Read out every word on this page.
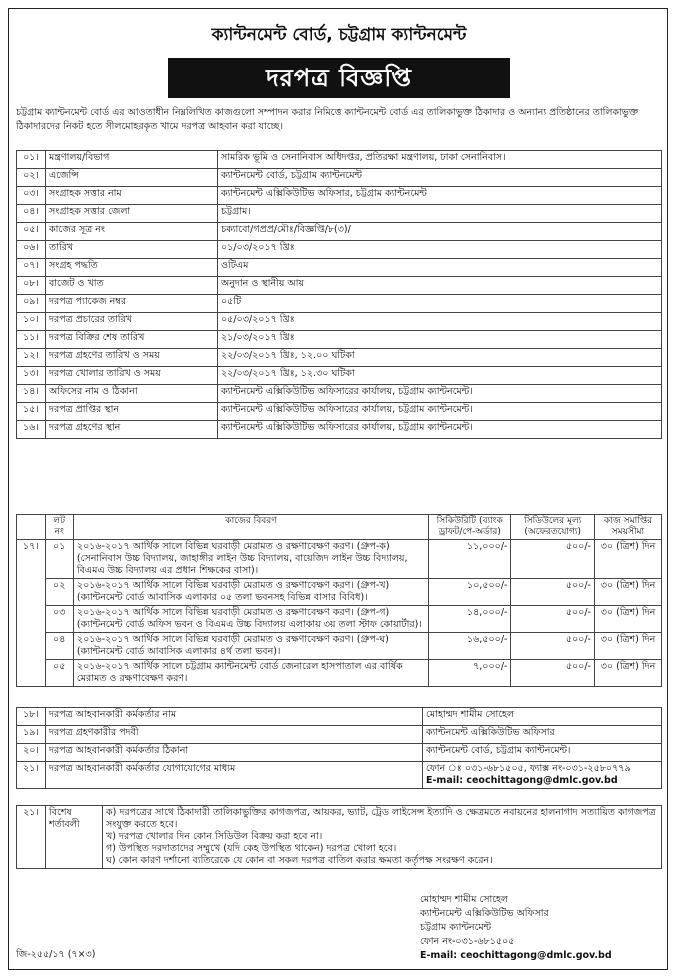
ক্যান্টনমেন্ট বোর্ড, চট্টগ্রাম ক্যান্টনমেন্ট
দরপত্র বিজ্ঞপ্তি
চট্টগ্রাম ক্যান্টনমেন্ট বোর্ড এর আওতাধীন নিম্নলিখিত কাজগুলো সম্পাদন করার নিমিত্তে ক্যান্টনমেন্ট বোর্ড এর তালিকাভুক্ত ঠিকাদার ও অন্যান্য প্রতিষ্ঠানের তালিকাভুক্ত ঠিকাদারদের নিকট হতে সীলমোহরকৃত খামে দরপত্র আহবান করা যাচ্ছে।
০১।	মন্ত্রণালয়/বিভাগ	সামরিক ভূমি ও সেনানিবাস অধিদপ্তর, প্রতিরক্ষা মন্ত্রণালয়, ঢাকা সেনানিবাস।
০২।	এজেন্সি	ক্যান্টনমেন্ট বোর্ড, চট্টগ্রাম ক্যান্টনমেন্ট
০৩।	সংগ্রাহক সত্তার নাম	ক্যান্টনমেন্ট এক্সিকিউটিভ অফিসার, চট্টগ্রাম ক্যান্টনমেন্ট
০৪।	সংগ্রাহক সত্তার জেলা	চট্টগ্রাম।
০৫।	কাজের সূত্র নং	চক্যাবো/গপ্রপ্র/মৌঃ/বিজ্ঞপ্তি/৮(৩)/
০৬।	তারিখ	০১/০৩/২০১৭ খ্রিঃ
০৭।	সংগ্রহ পদ্ধতি	ওটিএম
০৮।	বাজেট ও খাত	অনুদান ও স্থানীয় আয়
০৯।	দরপত্র প্যাকেজ নম্বর	০৫টি
১০।	দরপত্র প্রচারের তারিখ	০৫/০৩/২০১৭ খ্রিঃ
১১।	দরপত্র বিক্রির শেষ তারিখ	২১/০৩/২০১৭ খ্রিঃ
১২।	দরপত্র গ্রহণের তারিখ ও সময়	২২/০৩/২০১৭ খ্রিঃ, ১২.০০ ঘটিকা
১৩।	দরপত্র খোলার তারিখ ও সময়	২২/০৩/২০১৭ খ্রিঃ, ১২.৩০ ঘটিকা
১৪।	অফিসের নাম ও ঠিকানা	ক্যান্টনমেন্ট এক্সিকিউটিভ অফিসারের কার্যালয়, চট্টগ্রাম ক্যান্টনমেন্ট।
১৫।	দরপত্র প্রাপ্তির স্থান	ক্যান্টনমেন্ট এক্সিকিউটিভ অফিসারের কার্যালয়, চট্টগ্রাম ক্যান্টনমেন্ট।
১৬।	দরপত্র গ্রহণের স্থান	ক্যান্টনমেন্ট এক্সিকিউটিভ অফিসারের কার্যালয়, চট্টগ্রাম ক্যান্টনমেন্ট।
	লট নং	কাজের বিবরণ	সিকিউরিটি (ব্যাংক ড্রাফট/পে-অর্ডার)	সিডিউলের মূল্য (অফেরতযোগ্য)	কাজ সমাপ্তির সময়সীমা
১৭।	০১	২০১৬-২০১৭ আর্থিক সালে বিভিন্ন ঘরবাড়ী মেরামত ও রক্ষণাবেক্ষণ করণ। (গ্রুপ-ক) (সেনানিবাস উচ্চ বিদ্যালয়, জাহাঙ্গীর লাইন উচ্চ বিদ্যালয়, বায়েজিদ লাইন উচ্চ বিদ্যালয়, বিএমএ উচ্চ বিদ্যালয় এর প্রধান শিক্ষকের বাসা)।	১১,০০০/-	৫০০/-	৩০ (ত্রিশ) দিন
	০২	২০১৬-২০১৭ আর্থিক সালে বিভিন্ন ঘরবাড়ী মেরামত ও রক্ষণাবেক্ষণ করণ। (গ্রুপ-খ) (ক্যান্টনমেন্ট বোর্ড আবাসিক এলাকার ০৫ তলা ভবনসহ বিভিন্ন বাসার বিবিধ)।	১০,৫০০/-	৫০০/-	৩০ (ত্রিশ) দিন
	০৩	২০১৬-২০১৭ আর্থিক সালে বিভিন্ন ঘরবাড়ী মেরামত ও রক্ষণাবেক্ষণ করণ। (গ্রুপ-গ) (ক্যান্টনমেন্ট বোর্ড অফিস ভবন ও বিএমএ উচ্চ বিদ্যালয় এলাকায় ৩য় তলা স্টাফ কোয়ার্টার)।	১৪,০০০/-	৫০০/-	৩০ (ত্রিশ) দিন
	০৪	২০১৬-২০১৭ আর্থিক সালে বিভিন্ন ঘরবাড়ী মেরামত ও রক্ষণাবেক্ষণ করণ। (গ্রুপ-ঘ) (ক্যান্টনমেন্ট বোর্ড আবাসিক এলাকার ৪র্থ তলা ভবন)।	১৬,৫০০/-	৫০০/-	৩০ (ত্রিশ) দিন
	০৫	২০১৬-২০১৭ আর্থিক সালে চট্টগ্রাম ক্যান্টনমেন্ট বোর্ড জেনারেল হাসপাতাল এর বার্ষিক মেরামত ও রক্ষণাবেক্ষণ করণ।	৭,০০০/-	৫০০/-	৩০ (ত্রিশ) দিন
১৮।	দরপত্র আহবানকারী কর্মকর্তার নাম	মোহাম্মদ শামীম সোহেল

১৯।	দরপত্র গ্রহণকারীর পদবী	ক্যান্টনমেন্ট এক্সিকিউটিভ অফিসার

২০।	দরপত্র আহবানকারী কর্মকর্তার ঠিকানা	ক্যান্টনমেন্ট বোর্ড, চট্টগ্রাম ক্যান্টনমেন্ট।

২১।	দরপত্র আহবানকারী কর্মকর্তার যোগাযোগের মাধ্যম	ফোন ঃ ০৩১-৬৮১৫০৫, ফ্যাক্স নং-০৩১-২৫৮০৭৭৯
E-mail: ceochittagong@dmlc.gov.bd
২১।	বিশেষ শর্তাবলী	
ক) দরপত্রের সাথে ঠিকাদারী তালিকাভুক্তির কাগজপত্র, আয়কর, ভ্যাট, ট্রেড লাইসেন্স ইত্যাদি ও ক্ষেত্রমতে নবায়নের হালনাগাদ সত্যায়িত কাগজপত্র সংযুক্ত করতে হবে।
খ) দরপত্র খোলার দিন কোন সিডিউল বিক্রয় করা হবে না।
গ) উপস্থিত দরদাতাদের সম্মুখে (যদি কেহ উপস্থিত থাকেন) দরপত্র খোলা হবে।
ঘ) কোন কারণ দর্শানো ব্যতিরেকে যে কোন বা সকল দরপত্র বাতিল করার ক্ষমতা কর্তৃপক্ষ সংরক্ষণ করেন।
মোহাম্মদ শামীম সোহেল
ক্যান্টনমেন্ট এক্সিকিউটিভ অফিসার
চট্টগ্রাম ক্যান্টনমেন্ট
ফোন নং-০৩১-৬৮১৫০৫
E-mail: ceochittagong@dmlc.gov.bd
জি-২৫৫/১৭ (৭×৩)
